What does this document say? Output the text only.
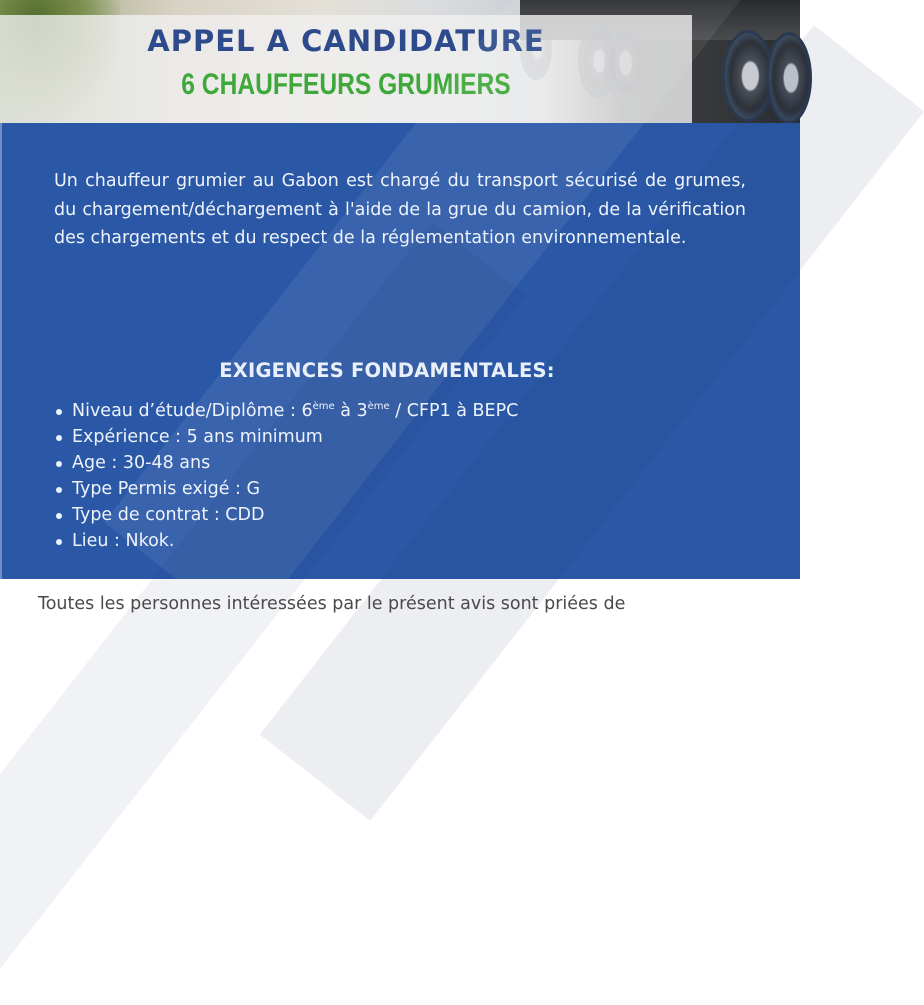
APPEL A CANDIDATURE
6 CHAUFFEURS GRUMIERS

Un chauffeur grumier au Gabon est chargé du transport sécurisé de grumes, du chargement/déchargement à l'aide de la grue du camion, de la vérification des chargements et du respect de la réglementation environnementale.

EXIGENCES FONDAMENTALES:
Niveau d’étude/Diplôme : 6ème à 3ème / CFP1 à BEPC
Expérience : 5 ans minimum
Age : 30-48 ans
Type Permis exigé : G
Type de contrat : CDD
Lieu : Nkok.
Toutes les personnes intéressées par le présent avis sont priées de
